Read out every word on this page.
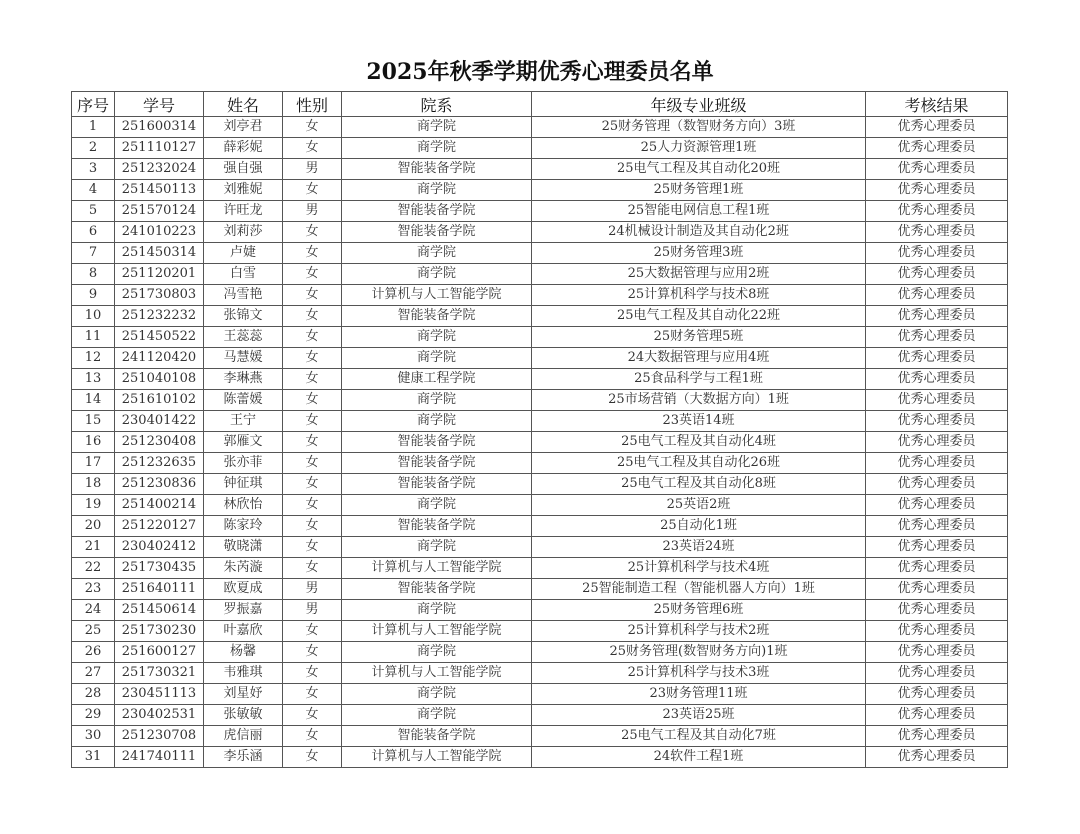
2025年秋季学期优秀心理委员名单
序号	学号	姓名	性别	院系	年级专业班级	考核结果
1	251600314	刘亭君	女	商学院	25财务管理（数智财务方向）3班	优秀心理委员
2	251110127	薛彩妮	女	商学院	25人力资源管理1班	优秀心理委员
3	251232024	强自强	男	智能装备学院	25电气工程及其自动化20班	优秀心理委员
4	251450113	刘雅妮	女	商学院	25财务管理1班	优秀心理委员
5	251570124	许旺龙	男	智能装备学院	25智能电网信息工程1班	优秀心理委员
6	241010223	刘莉莎	女	智能装备学院	24机械设计制造及其自动化2班	优秀心理委员
7	251450314	卢婕	女	商学院	25财务管理3班	优秀心理委员
8	251120201	白雪	女	商学院	25大数据管理与应用2班	优秀心理委员
9	251730803	冯雪艳	女	计算机与人工智能学院	25计算机科学与技术8班	优秀心理委员
10	251232232	张锦文	女	智能装备学院	25电气工程及其自动化22班	优秀心理委员
11	251450522	王蕊蕊	女	商学院	25财务管理5班	优秀心理委员
12	241120420	马慧媛	女	商学院	24大数据管理与应用4班	优秀心理委员
13	251040108	李琳燕	女	健康工程学院	25食品科学与工程1班	优秀心理委员
14	251610102	陈蕾媛	女	商学院	25市场营销（大数据方向）1班	优秀心理委员
15	230401422	王宁	女	商学院	23英语14班	优秀心理委员
16	251230408	郭雁文	女	智能装备学院	25电气工程及其自动化4班	优秀心理委员
17	251232635	张亦菲	女	智能装备学院	25电气工程及其自动化26班	优秀心理委员
18	251230836	钟征琪	女	智能装备学院	25电气工程及其自动化8班	优秀心理委员
19	251400214	林欣怡	女	商学院	25英语2班	优秀心理委员
20	251220127	陈家玲	女	智能装备学院	25自动化1班	优秀心理委员
21	230402412	敬晓潇	女	商学院	23英语24班	优秀心理委员
22	251730435	朱芮漩	女	计算机与人工智能学院	25计算机科学与技术4班	优秀心理委员
23	251640111	欧夏成	男	智能装备学院	25智能制造工程（智能机器人方向）1班	优秀心理委员
24	251450614	罗振嘉	男	商学院	25财务管理6班	优秀心理委员
25	251730230	叶嘉欣	女	计算机与人工智能学院	25计算机科学与技术2班	优秀心理委员
26	251600127	杨馨	女	商学院	25财务管理(数智财务方向)1班	优秀心理委员
27	251730321	韦雅琪	女	计算机与人工智能学院	25计算机科学与技术3班	优秀心理委员
28	230451113	刘星妤	女	商学院	23财务管理11班	优秀心理委员
29	230402531	张敏敏	女	商学院	23英语25班	优秀心理委员
30	251230708	虎信丽	女	智能装备学院	25电气工程及其自动化7班	优秀心理委员
31	241740111	李乐涵	女	计算机与人工智能学院	24软件工程1班	优秀心理委员
